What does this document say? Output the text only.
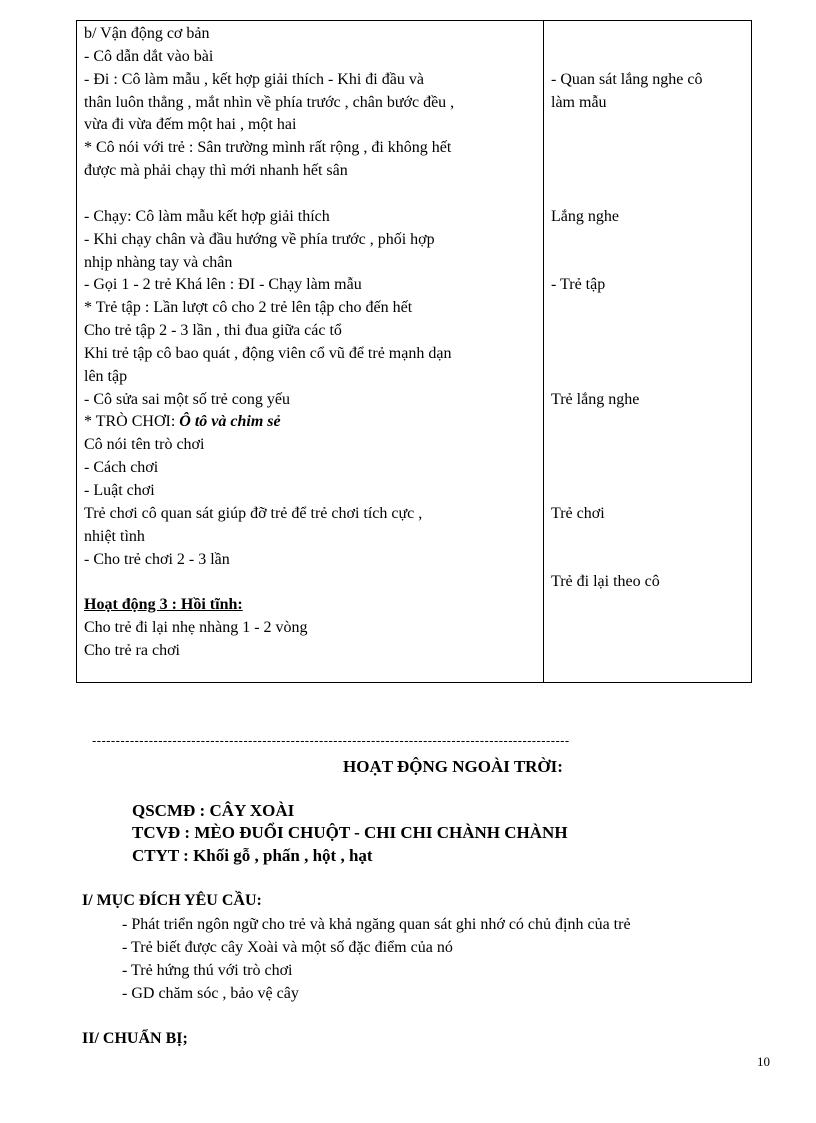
b/ Vận động cơ bản
- Cô dẫn dắt vào bài
- Đi : Cô làm mẫu , kết hợp giải thích - Khi đi đầu và
thân luôn thẳng , mắt nhìn về phía trước , chân bước đều ,
vừa đi vừa đếm một hai , một hai
* Cô nói với trẻ : Sân trường mình rất rộng , đi không hết
được mà phải chạy thì mới nhanh hết sân
- Chạy: Cô làm mẫu kết hợp giải thích
- Khi chạy chân và đầu hướng về phía trước , phối hợp
nhịp nhàng tay và chân
- Gọi 1 - 2 trẻ Khá lên : ĐI - Chạy làm mẫu
* Trẻ tập : Lần lượt cô cho 2 trẻ lên tập cho đến hết
Cho trẻ tập 2 - 3 lần , thi đua giữa các tổ
Khi trẻ tập cô bao quát , động viên cổ vũ để trẻ mạnh dạn
lên tập
- Cô sửa sai một số trẻ cong yếu
* TRÒ CHƠI: Ô tô và chim sẻ
Cô nói tên trò chơi
- Cách chơi
- Luật chơi
Trẻ chơi cô quan sát giúp đỡ trẻ để trẻ chơi tích cực ,
nhiệt tình
- Cho trẻ chơi 2 - 3 lần
Hoạt động 3 : Hồi tĩnh:
Cho trẻ đi lại nhẹ nhàng 1 - 2 vòng
Cho trẻ ra chơi
- Quan sát lắng nghe cô
làm mẫu
Lắng nghe
- Trẻ tập
Trẻ lắng nghe
Trẻ chơi
Trẻ đi lại theo cô
-----------------------------------------------------------------------------------------------------
HOẠT ĐỘNG NGOÀI TRỜI:
QSCMĐ : CÂY XOÀI
TCVĐ : MÈO ĐUỔI CHUỘT - CHI CHI CHÀNH CHÀNH
CTYT : Khối gỗ , phấn , hột , hạt
I/ MỤC ĐÍCH YÊU CẦU:
- Phát triển ngôn ngữ cho trẻ và khả ngăng quan sát ghi nhớ có chủ định của trẻ
- Trẻ biết được cây Xoài và một số đặc điểm của nó
- Trẻ hứng thú với trò chơi
- GD chăm sóc , bảo vệ cây
II/ CHUẨN BỊ;
10
